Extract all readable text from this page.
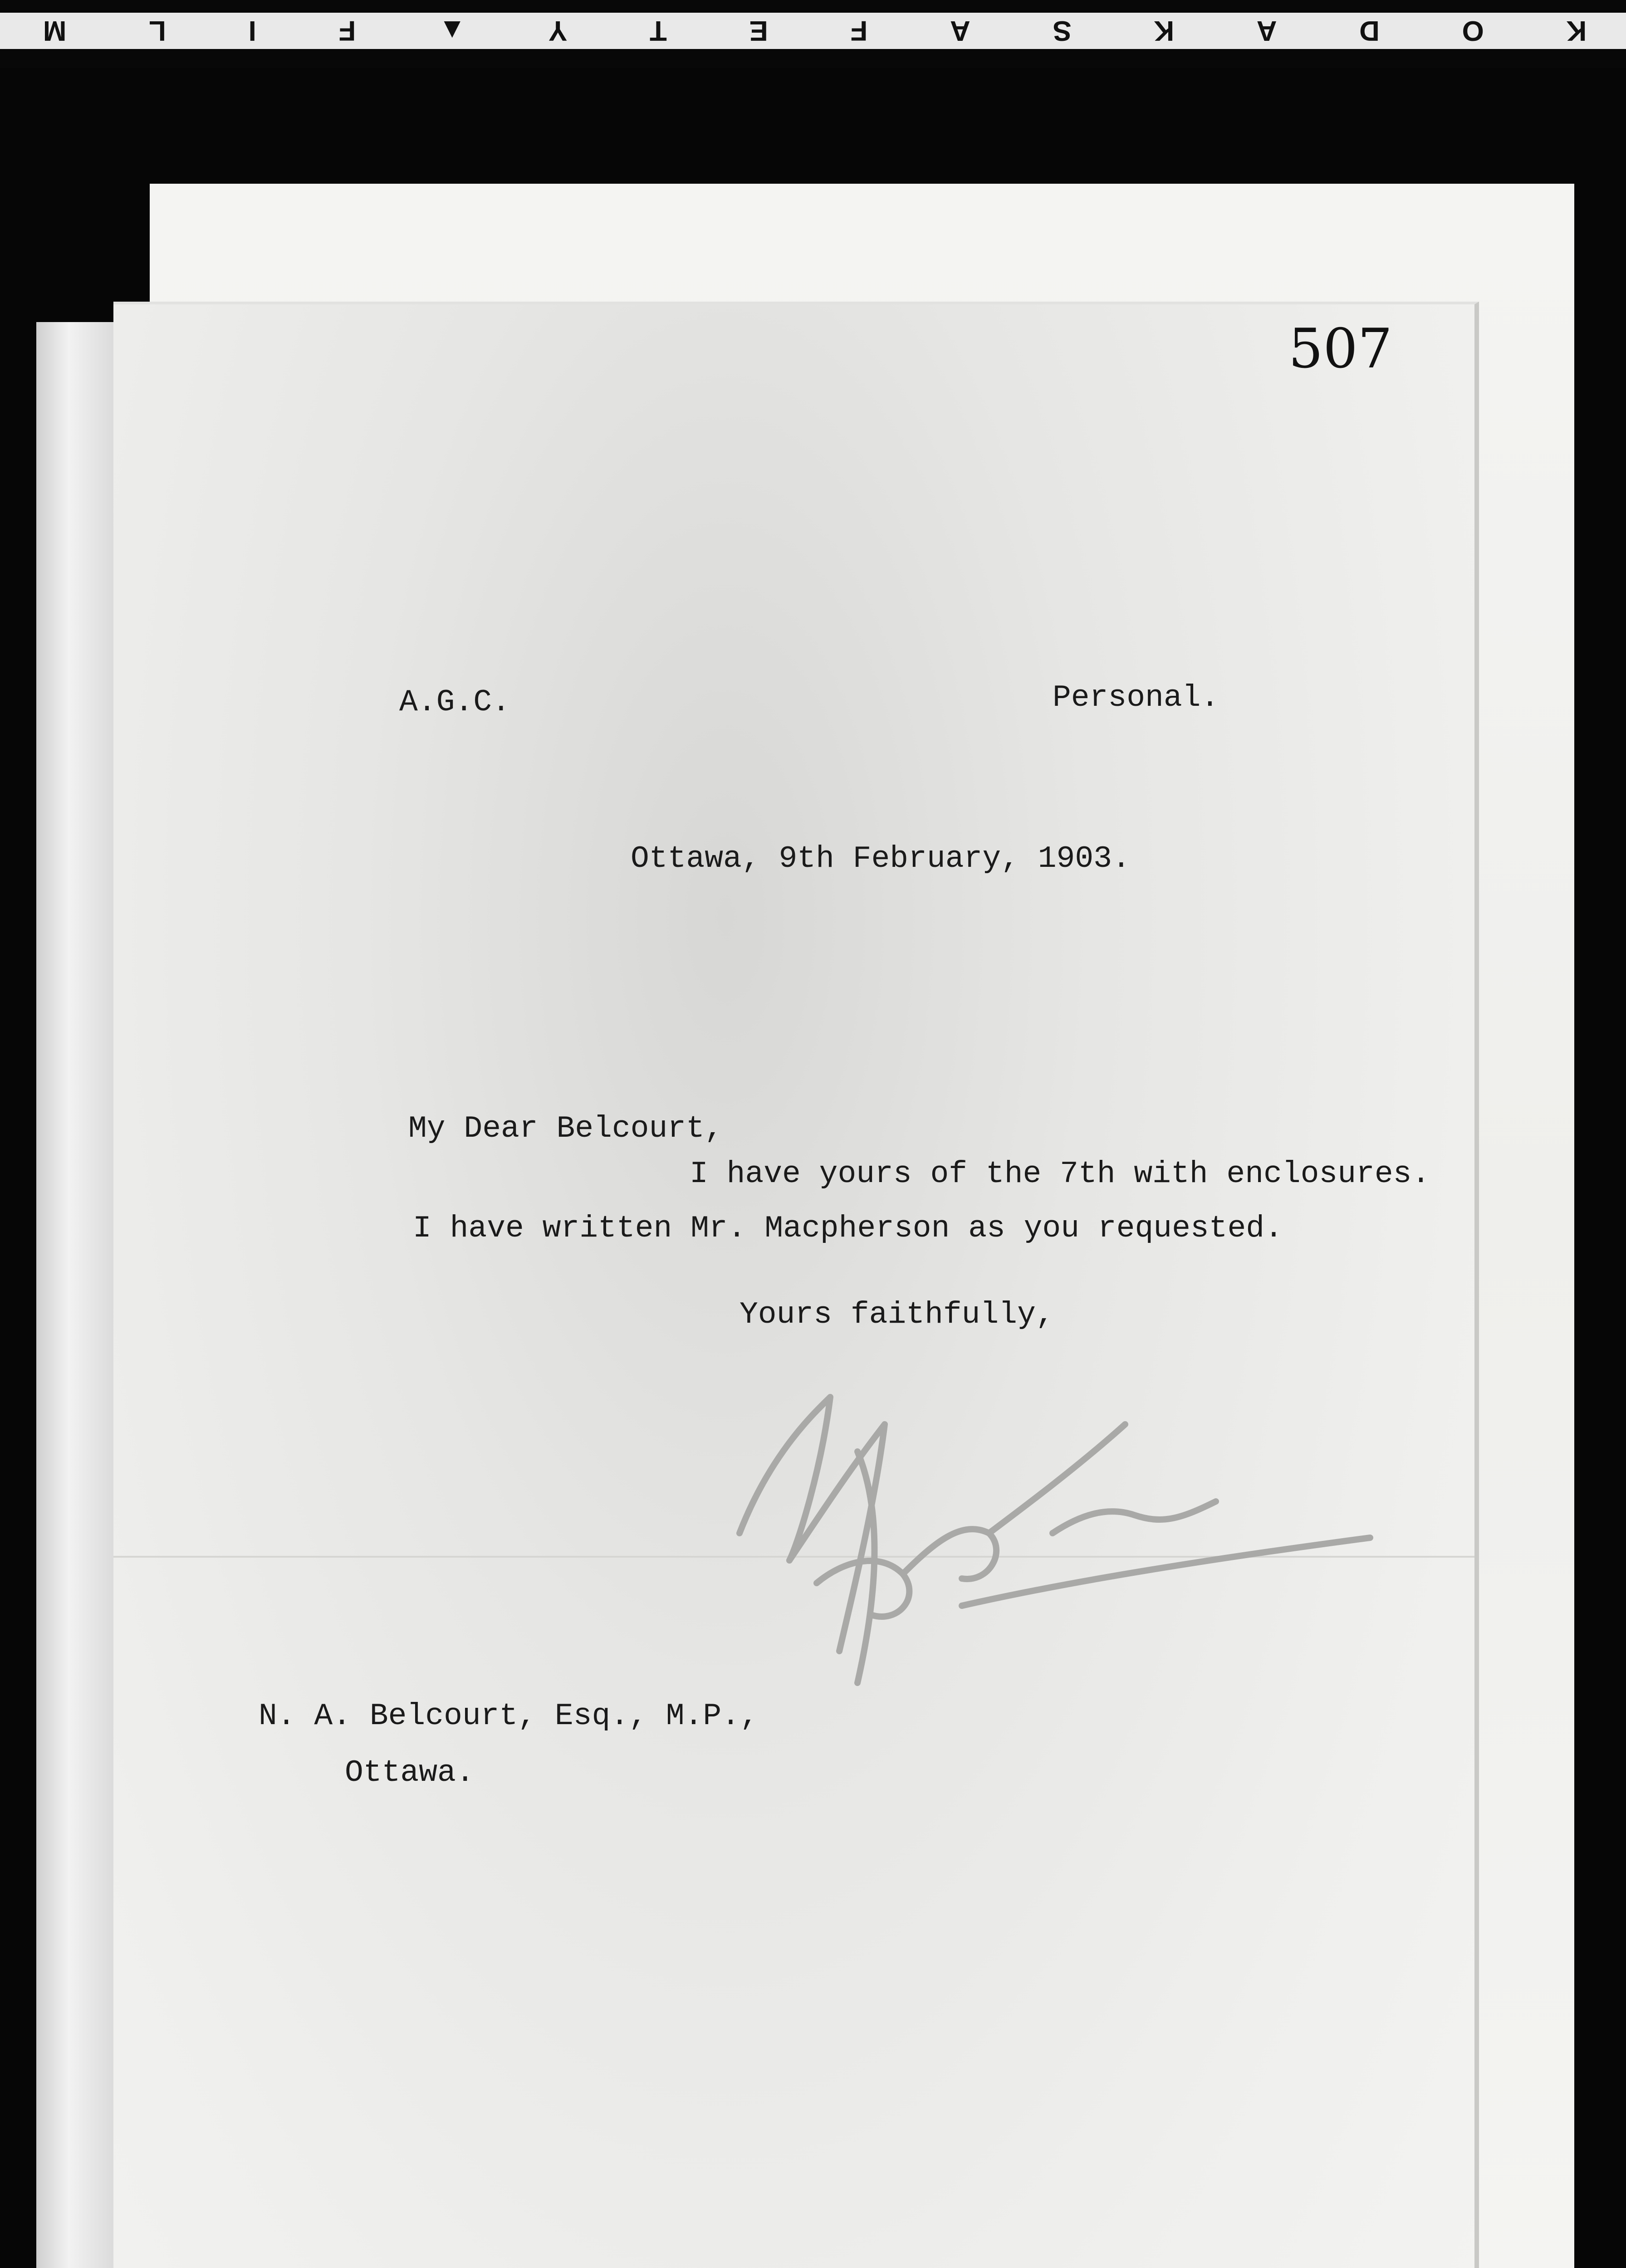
K
O
D
A
K
S
A
F
E
T
Y
▲
F
I
L
M
507
A.G.C.	Personal.
Ottawa, 9th February, 1903.
My Dear Belcourt,
I have yours of the 7th with enclosures.
I have written Mr. Macpherson as you requested.
Yours faithfully,
N. A. Belcourt, Esq., M.P.,
Ottawa.
